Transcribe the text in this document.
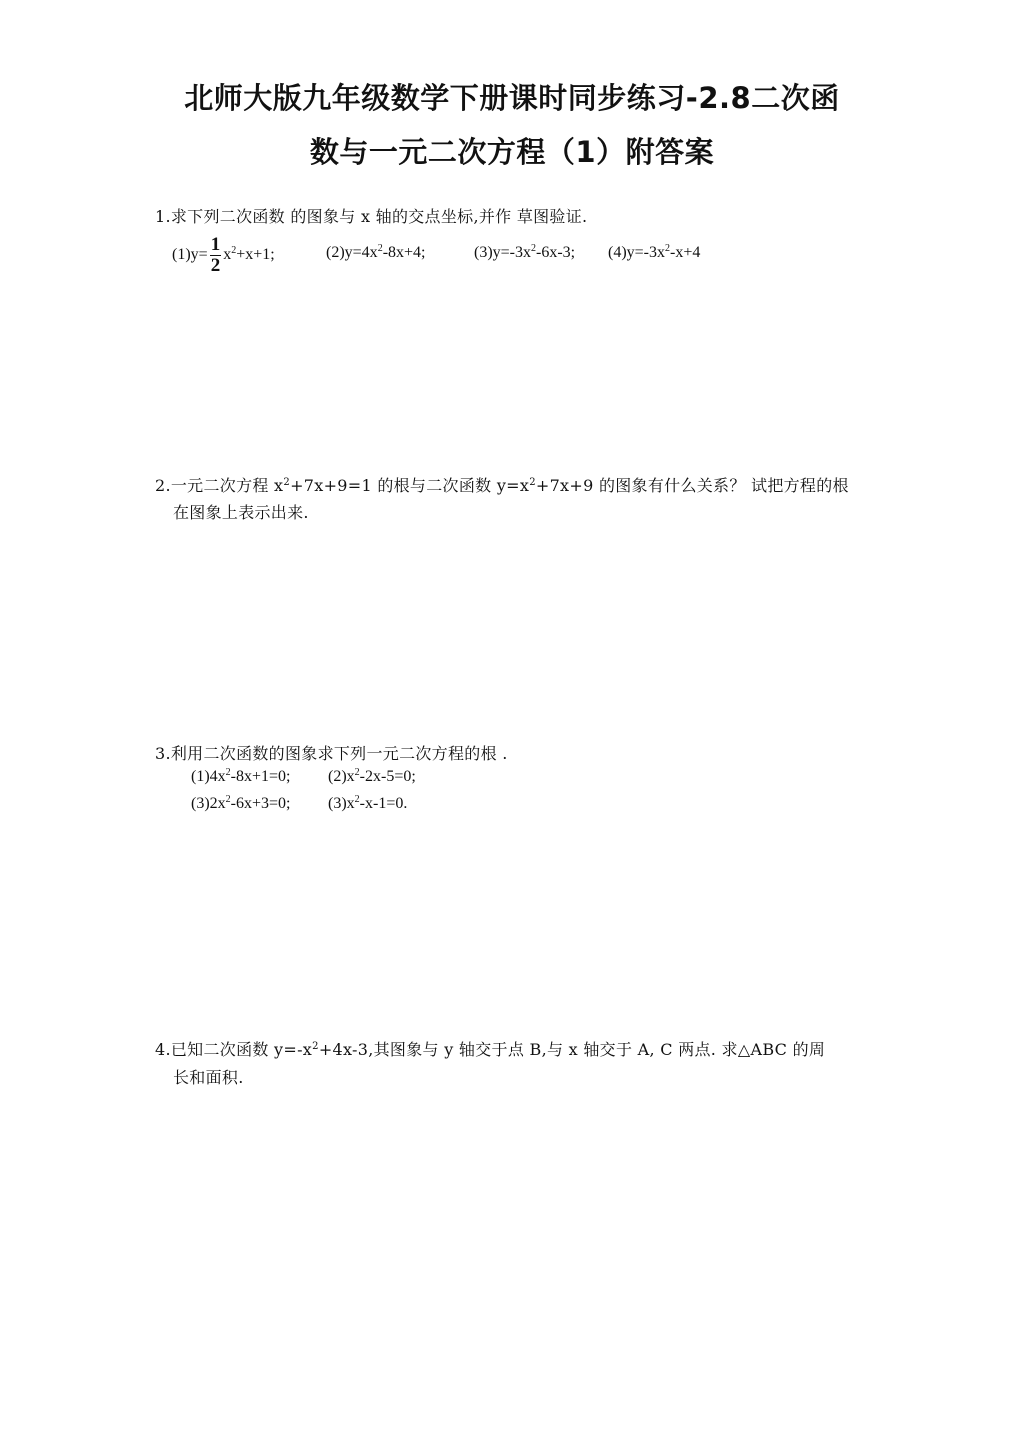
北师大版九年级数学下册课时同步练习-2.8二次函
数与一元二次方程（1）附答案
1.求下列二次函数 的图象与 x 轴的交点坐标,并作 草图验证.
$(1)y= \frac{1}{2} x^2+x+1$;	$(2)y=4x^2-8x+4$;	$(3)y=-3x^2-6x-3$; $(4)y=-3x^2-x+4$
2.一元二次方程 $x^2+7x+9=1$ 的根与二次函数 $y=x^2+7x+9$ 的图象有什么关系？ 试把方程的根
在图象上表示出来.
3.利用二次函数的图象求下列一元二次方程的根 .
$(1)4x^2-8x+1=0$; $(2)x^2-2x-5=0$;
$(3)2x^2-6x+3=0$; $(3)x^2-x-1=0$.
4.已知二次函数 $y=-x^2+4x-3$,其图象与 y 轴交于点 B,与 x 轴交于 A, C 两点. 求△ABC 的周
长和面积.
